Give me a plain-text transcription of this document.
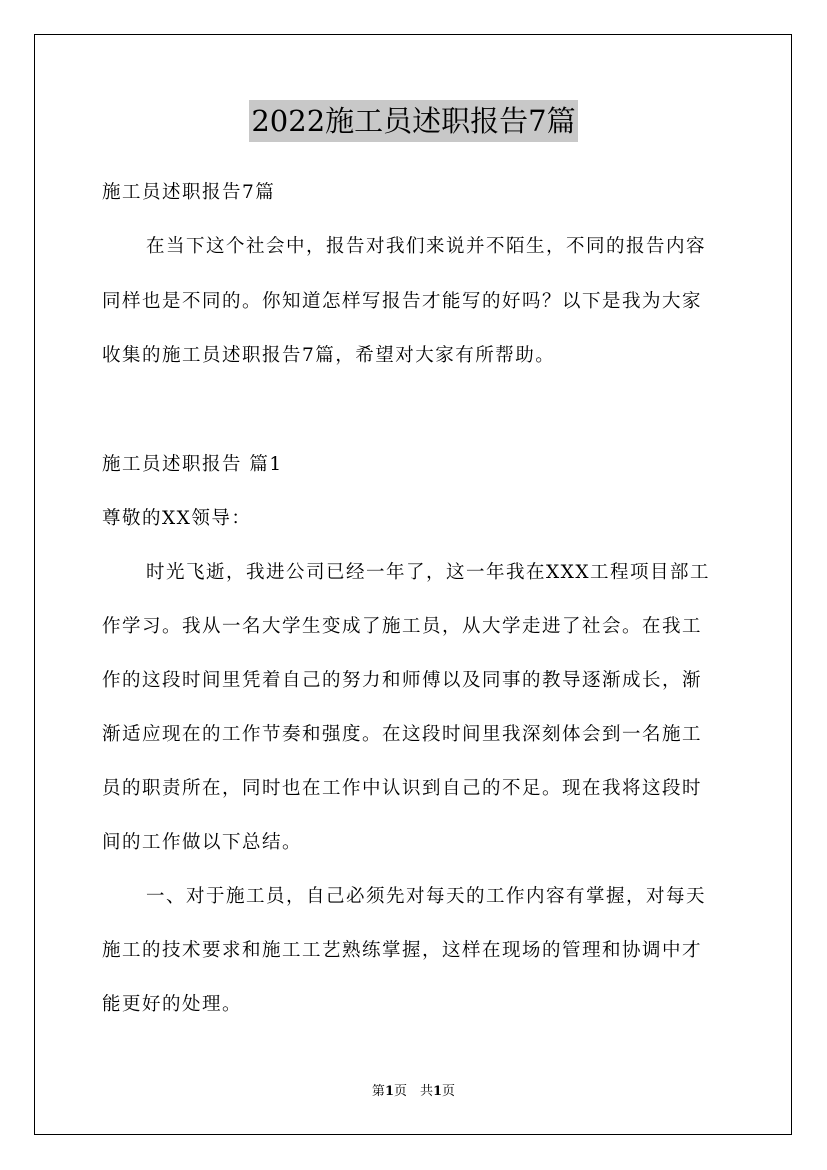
2022施工员述职报告7篇
施工员述职报告7篇
在当下这个社会中，报告对我们来说并不陌生，不同的报告内容
同样也是不同的。你知道怎样写报告才能写的好吗？以下是我为大家
收集的施工员述职报告7篇，希望对大家有所帮助。
施工员述职报告 篇1
尊敬的XX领导：
时光飞逝，我进公司已经一年了，这一年我在XXX工程项目部工
作学习。我从一名大学生变成了施工员，从大学走进了社会。在我工
作的这段时间里凭着自己的努力和师傅以及同事的教导逐渐成长，渐
渐适应现在的工作节奏和强度。在这段时间里我深刻体会到一名施工
员的职责所在，同时也在工作中认识到自己的不足。现在我将这段时
间的工作做以下总结。
一、对于施工员，自己必须先对每天的工作内容有掌握，对每天
施工的技术要求和施工工艺熟练掌握，这样在现场的管理和协调中才
能更好的处理。
第1页　共1页
